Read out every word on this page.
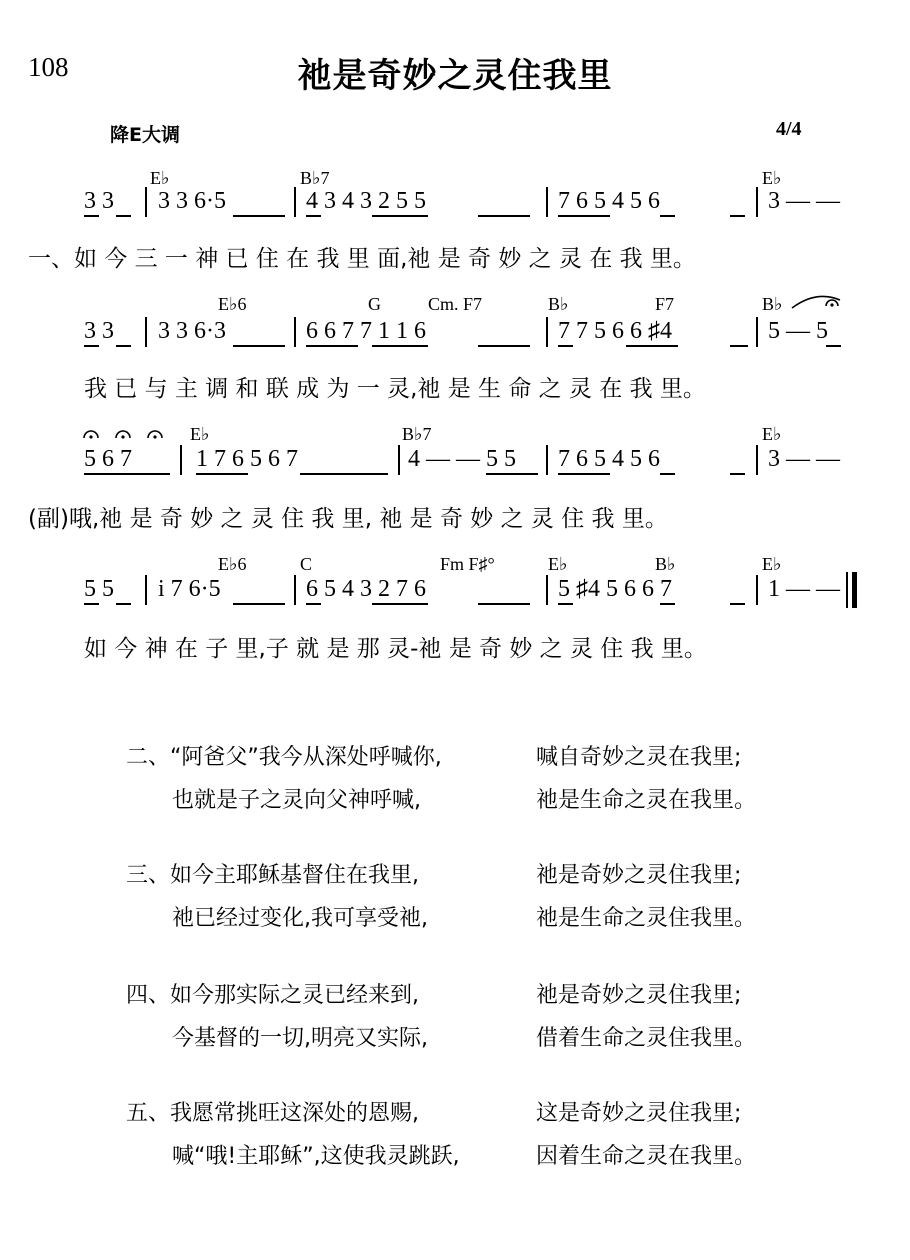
108	祂是奇妙之灵住我里
降E大调	4/4
E♭	B♭7	E♭
3 3 3 3 6·5	4 3 4 3 2 5 5	7 6 5 4 5 6	3 — —
一、如 今 三 一 神 已 住 在 我 里 面,祂 是 奇 妙 之 灵 在 我 里。
E♭6	G	Cm. F7	B♭	F7	B♭
3 3 3 3 6·3	6 6 7 7 1 1 6	7 7 5 6 6 ♯4	5 — 5
我 已 与 主 调 和 联 成 为 一 灵,祂 是 生 命 之 灵 在 我 里。
E♭	B♭7	E♭
5 6 7	1 7 6 5 6 7	4 — — 5 5 7 6 5 4 5 6	3 — —
(副)哦,祂 是 奇 妙 之 灵 住 我 里, 祂 是 奇 妙 之 灵 住 我 里。
E♭6	C	Fm F♯°	E♭	B♭	E♭
5 5 i 7 6·5	6 5 4 3 2 7 6	5 ♯4 5 6 6 7	1 — —
如 今 神 在 子 里,子 就 是 那 灵-祂 是 奇 妙 之 灵 住 我 里。
二、“阿爸父”我今从深处呼喊你,	喊自奇妙之灵在我里;
也就是子之灵向父神呼喊,	祂是生命之灵在我里。
三、如今主耶稣基督住在我里,	祂是奇妙之灵住我里;
祂已经过变化,我可享受祂,	祂是生命之灵住我里。
四、如今那实际之灵已经来到,	祂是奇妙之灵住我里;
今基督的一切,明亮又实际,	借着生命之灵住我里。
五、我愿常挑旺这深处的恩赐,	这是奇妙之灵住我里;
喊“哦!主耶稣”,这使我灵跳跃,	因着生命之灵在我里。
